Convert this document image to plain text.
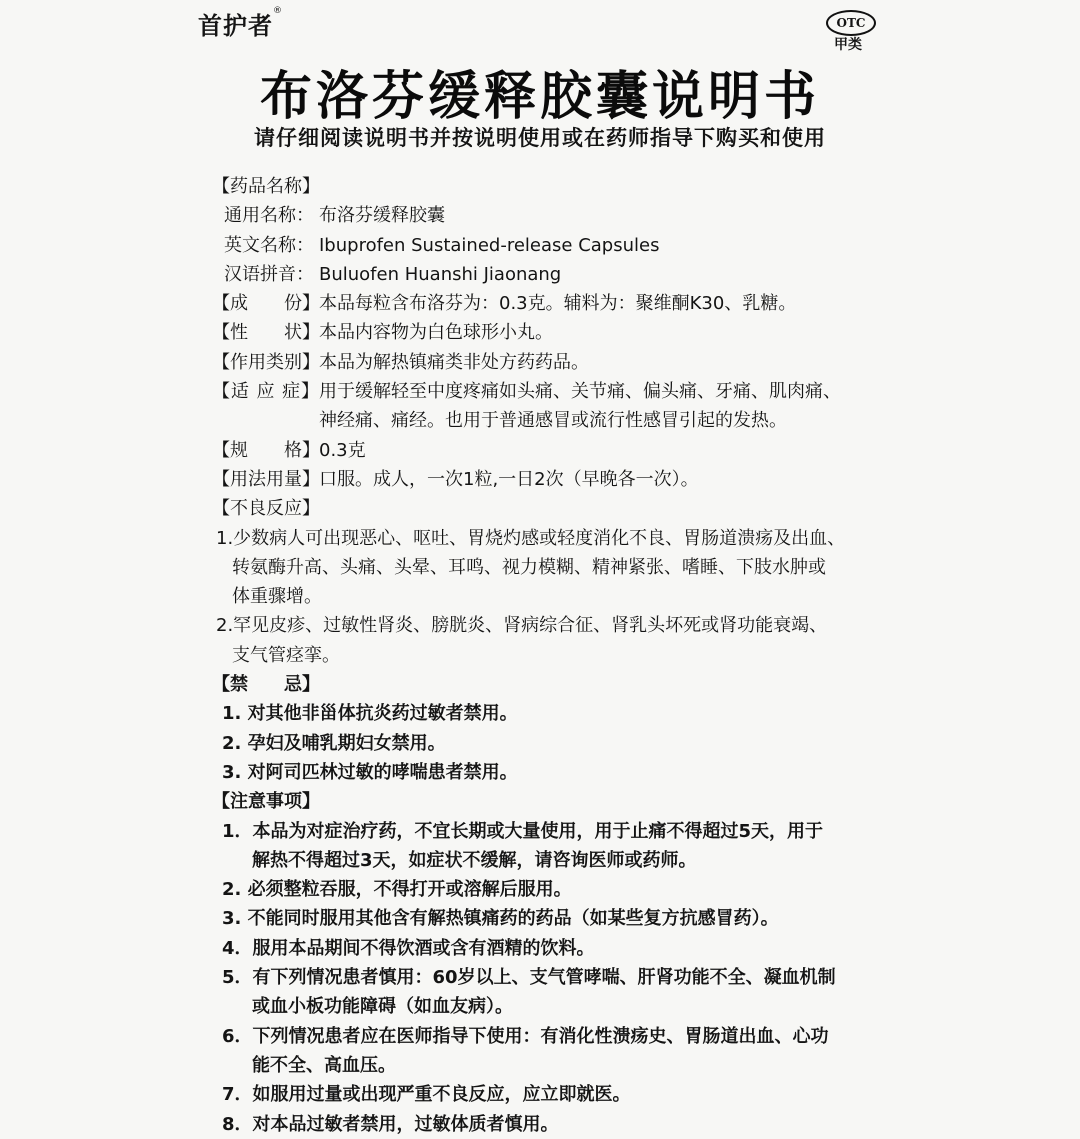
首护者®
OTC
甲类
布洛芬缓释胶囊说明书
请仔细阅读说明书并按说明使用或在药师指导下购买和使用
【药品名称】
通用名称： 布洛芬缓释胶囊
英文名称： Ibuprofen Sustained-release Capsules
汉语拼音： Buluofen Huanshi Jiaonang
【成　　份】 本品每粒含布洛芬为：0.3克。辅料为：聚维酮K30、乳糖。
【性　　状】 本品内容物为白色球形小丸。
【作用类别】 本品为解热镇痛类非处方药药品。
【适 应 症】 用于缓解轻至中度疼痛如头痛、关节痛、偏头痛、牙痛、肌肉痛、
神经痛、痛经。也用于普通感冒或流行性感冒引起的发热。
【规　　格】 0.3克
【用法用量】 口服。成人，一次1粒,一日2次（早晚各一次）。
【不良反应】
1.少数病人可出现恶心、呕吐、胃烧灼感或轻度消化不良、胃肠道溃疡及出血、
转氨酶升高、头痛、头晕、耳鸣、视力模糊、精神紧张、嗜睡、下肢水肿或
体重骤增。
2.罕见皮疹、过敏性肾炎、膀胱炎、肾病综合征、肾乳头坏死或肾功能衰竭、
支气管痉挛。
【禁　　忌】
1. 对其他非甾体抗炎药过敏者禁用。
2. 孕妇及哺乳期妇女禁用。
3. 对阿司匹林过敏的哮喘患者禁用。
【注意事项】
1．本品为对症治疗药，不宜长期或大量使用，用于止痛不得超过5天，用于
解热不得超过3天，如症状不缓解，请咨询医师或药师。
2. 必须整粒吞服，不得打开或溶解后服用。
3. 不能同时服用其他含有解热镇痛药的药品（如某些复方抗感冒药）。
4．服用本品期间不得饮酒或含有酒精的饮料。
5．有下列情况患者慎用：60岁以上、支气管哮喘、肝肾功能不全、凝血机制
或血小板功能障碍（如血友病）。
6．下列情况患者应在医师指导下使用：有消化性溃疡史、胃肠道出血、心功
能不全、高血压。
7．如服用过量或出现严重不良反应，应立即就医。
8．对本品过敏者禁用，过敏体质者慎用。
